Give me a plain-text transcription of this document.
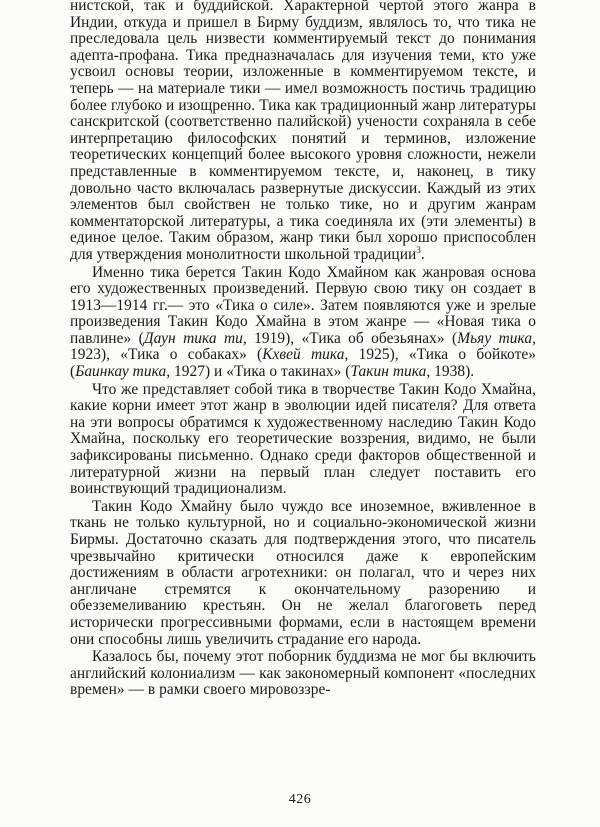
нистской, так и буддийской. Характерной чертой этого жанра в Индии, откуда и пришел в Бирму буддизм, являлось то, что тика не преследовала цель низвести комментируемый текст до понимания адепта-профана. Тика предназначалась для изучения теми, кто уже усвоил основы теории, изложенные в комментируемом тексте, и теперь — на материале тики — имел возможность постичь традицию более глубоко и изощренно. Тика как традиционный жанр литературы санскритской (соответственно палийской) учености сохраняла в себе интерпретацию философских понятий и терминов, изложение теоретических концепций более высокого уровня сложности, нежели представленные в комментируемом тексте, и, наконец, в тику довольно часто включалась развернутые дискуссии. Каждый из этих элементов был свойствен не только тике, но и другим жанрам комментаторской литературы, а тика соединяла их (эти элементы) в единое целое. Таким образом, жанр тики был хорошо приспособлен для утверждения монолитности школьной традиции$^3$.

Именно тика берется Такин Кодо Хмайном как жанровая основа его художественных произведений. Первую свою тику он создает в 1913—1914 гг.— это «Тика о силе». Затем появляются уже и зрелые произведения Такин Кодо Хмайна в этом жанре — «Новая тика о павлине» (Даун тика ти, 1919), «Тика об обезьянах» (Мьяу тика, 1923), «Тика о собаках» (Кхвей тика, 1925), «Тика о бойкоте» (Баинкау тика, 1927) и «Тика о такинах» (Такин тика, 1938).

Что же представляет собой тика в творчестве Такин Кодо Хмайна, какие корни имеет этот жанр в эволюции идей писателя? Для ответа на эти вопросы обратимся к художественному наследию Такин Кодо Хмайна, поскольку его теоретические воззрения, видимо, не были зафиксированы письменно. Однако среди факторов общественной и литературной жизни на первый план следует поставить его воинствующий традиционализм.

Такин Кодо Хмайну было чуждо все иноземное, вживленное в ткань не только культурной, но и социально-экономической жизни Бирмы. Достаточно сказать для подтверждения этого, что писатель чрезвычайно критически относился даже к европейским достижениям в области агротехники: он полагал, что и через них англичане стремятся к окончательному разорению и обезземеливанию крестьян. Он не желал благоговеть перед исторически прогрессивными формами, если в настоящем времени они способны лишь увеличить страдание его народа.

Казалось бы, почему этот поборник буддизма не мог бы включить английский колониализм — как закономерный компонент «последних времен» — в рамки своего мировоззре-

426
